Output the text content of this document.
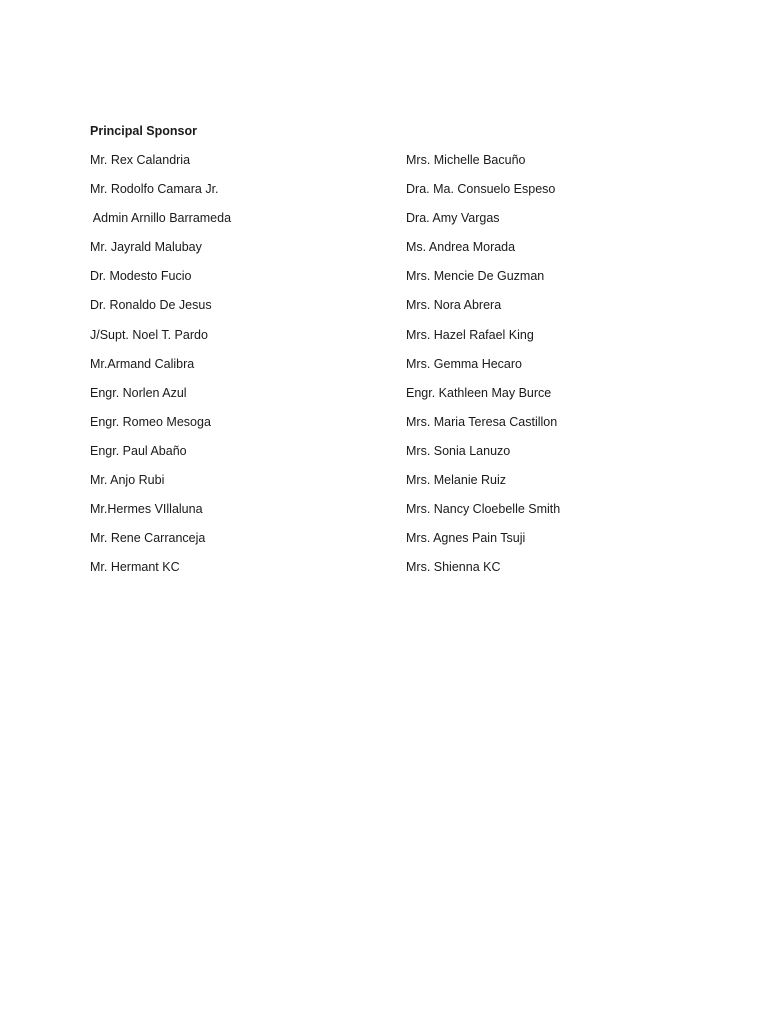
Principal Sponsor
Mr. Rex Calandria
Mr. Rodolfo Camara Jr.
Admin Arnillo Barrameda
Mr. Jayrald Malubay
Dr. Modesto Fucio
Dr. Ronaldo De Jesus
J/Supt. Noel T. Pardo
Mr.Armand Calibra
Engr. Norlen Azul
Engr. Romeo Mesoga
Engr. Paul Abaño
Mr. Anjo Rubi
Mr.Hermes VIllaluna
Mr. Rene Carranceja
Mr. Hermant KC
Mrs. Michelle Bacuño
Dra. Ma. Consuelo Espeso
Dra. Amy Vargas
Ms. Andrea Morada
Mrs. Mencie De Guzman
Mrs. Nora Abrera
Mrs. Hazel Rafael King
Mrs. Gemma Hecaro
Engr. Kathleen May Burce
Mrs. Maria Teresa Castillon
Mrs. Sonia Lanuzo
Mrs. Melanie Ruiz
Mrs. Nancy Cloebelle Smith
Mrs. Agnes Pain Tsuji
Mrs. Shienna KC
